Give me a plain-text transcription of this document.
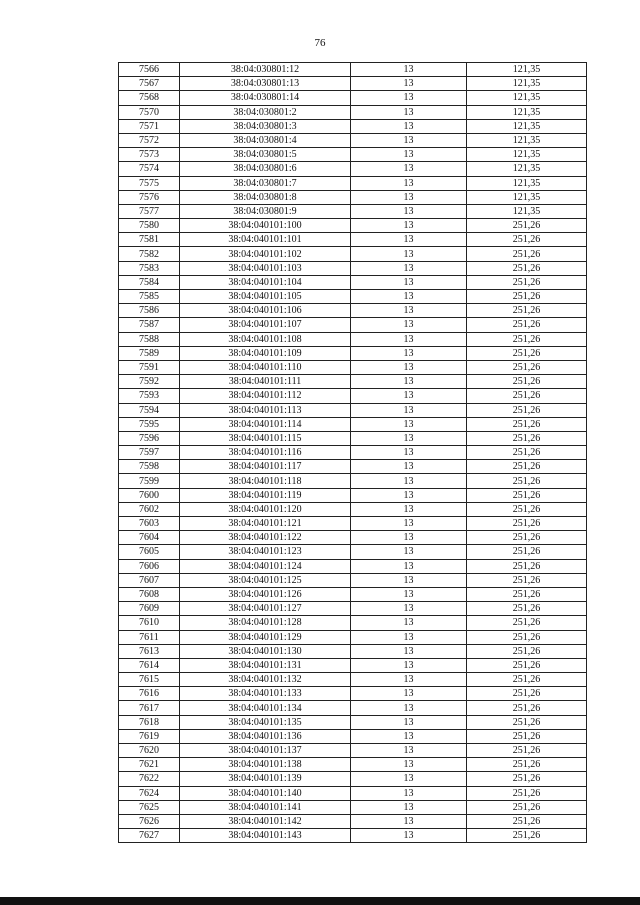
76
7566	38:04:030801:12	13	121,35
7567	38:04:030801:13	13	121,35
7568	38:04:030801:14	13	121,35
7570	38:04:030801:2	13	121,35
7571	38:04:030801:3	13	121,35
7572	38:04:030801:4	13	121,35
7573	38:04:030801:5	13	121,35
7574	38:04:030801:6	13	121,35
7575	38:04:030801:7	13	121,35
7576	38:04:030801:8	13	121,35
7577	38:04:030801:9	13	121,35
7580	38:04:040101:100	13	251,26
7581	38:04:040101:101	13	251,26
7582	38:04:040101:102	13	251,26
7583	38:04:040101:103	13	251,26
7584	38:04:040101:104	13	251,26
7585	38:04:040101:105	13	251,26
7586	38:04:040101:106	13	251,26
7587	38:04:040101:107	13	251,26
7588	38:04:040101:108	13	251,26
7589	38:04:040101:109	13	251,26
7591	38:04:040101:110	13	251,26
7592	38:04:040101:111	13	251,26
7593	38:04:040101:112	13	251,26
7594	38:04:040101:113	13	251,26
7595	38:04:040101:114	13	251,26
7596	38:04:040101:115	13	251,26
7597	38:04:040101:116	13	251,26
7598	38:04:040101:117	13	251,26
7599	38:04:040101:118	13	251,26
7600	38:04:040101:119	13	251,26
7602	38:04:040101:120	13	251,26
7603	38:04:040101:121	13	251,26
7604	38:04:040101:122	13	251,26
7605	38:04:040101:123	13	251,26
7606	38:04:040101:124	13	251,26
7607	38:04:040101:125	13	251,26
7608	38:04:040101:126	13	251,26
7609	38:04:040101:127	13	251,26
7610	38:04:040101:128	13	251,26
7611	38:04:040101:129	13	251,26
7613	38:04:040101:130	13	251,26
7614	38:04:040101:131	13	251,26
7615	38:04:040101:132	13	251,26
7616	38:04:040101:133	13	251,26
7617	38:04:040101:134	13	251,26
7618	38:04:040101:135	13	251,26
7619	38:04:040101:136	13	251,26
7620	38:04:040101:137	13	251,26
7621	38:04:040101:138	13	251,26
7622	38:04:040101:139	13	251,26
7624	38:04:040101:140	13	251,26
7625	38:04:040101:141	13	251,26
7626	38:04:040101:142	13	251,26
7627	38:04:040101:143	13	251,26
